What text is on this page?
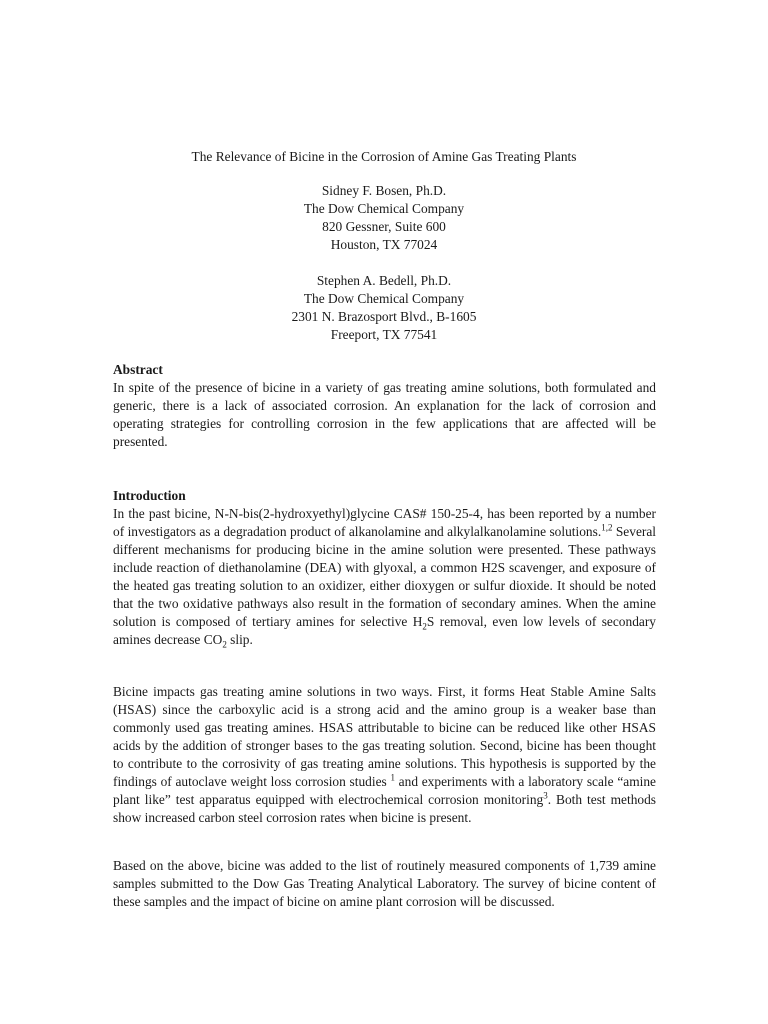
The Relevance of Bicine in the Corrosion of Amine Gas Treating Plants
Sidney F. Bosen, Ph.D.
The Dow Chemical Company
820 Gessner, Suite 600
Houston, TX 77024
Stephen A. Bedell, Ph.D.
The Dow Chemical Company
2301 N. Brazosport Blvd., B-1605
Freeport, TX 77541
Abstract

In spite of the presence of bicine in a variety of gas treating amine solutions, both formulated and generic, there is a lack of associated corrosion. An explanation for the lack of corrosion and operating strategies for controlling corrosion in the few applications that are affected will be presented.

Introduction

In the past bicine, N-N-bis(2-hydroxyethyl)glycine CAS# 150-25-4, has been reported by a number of investigators as a degradation product of alkanolamine and alkylalkanolamine solutions.$^{1,2}$ Several different mechanisms for producing bicine in the amine solution were presented. These pathways include reaction of diethanolamine (DEA) with glyoxal, a common H2S scavenger, and exposure of the heated gas treating solution to an oxidizer, either dioxygen or sulfur dioxide. It should be noted that the two oxidative pathways also result in the formation of secondary amines. When the amine solution is composed of tertiary amines for selective $H_2S$ removal, even low levels of secondary amines decrease $CO_2$ slip.

Bicine impacts gas treating amine solutions in two ways. First, it forms Heat Stable Amine Salts (HSAS) since the carboxylic acid is a strong acid and the amino group is a weaker base than commonly used gas treating amines. HSAS attributable to bicine can be reduced like other HSAS acids by the addition of stronger bases to the gas treating solution. Second, bicine has been thought to contribute to the corrosivity of gas treating amine solutions. This hypothesis is supported by the findings of autoclave weight loss corrosion studies $^1$ and experiments with a laboratory scale “amine plant like” test apparatus equipped with electrochemical corrosion monitoring$^3$. Both test methods show increased carbon steel corrosion rates when bicine is present.

Based on the above, bicine was added to the list of routinely measured components of 1,739 amine samples submitted to the Dow Gas Treating Analytical Laboratory. The survey of bicine content of these samples and the impact of bicine on amine plant corrosion will be discussed.
